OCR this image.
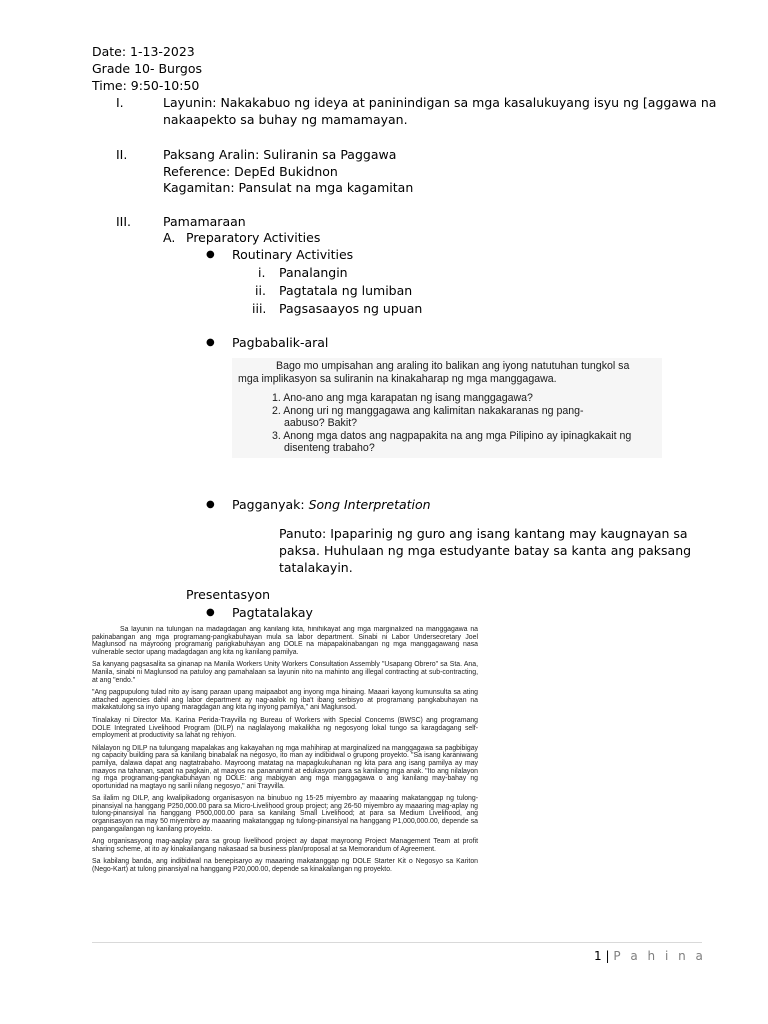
Date: 1-13-2023
Grade 10- Burgos
Time: 9:50-10:50
I.	Layunin: Nakakabuo ng ideya at paninindigan sa mga kasalukuyang isyu ng [aggawa na
nakaapekto sa buhay ng mamamayan.
II.	Paksang Aralin: Suliranin sa Paggawa
Reference: DepEd Bukidnon
Kagamitan: Pansulat na mga kagamitan
III.	Pamamaraan
A. Preparatory Activities
● Routinary Activities
i. Panalangin
ii. Pagtatala ng lumiban
iii. Pagsasaayos ng upuan
● Pagbabalik-aral
Bago mo umpisahan ang araling ito balikan ang iyong natutuhan tungkol sa
mga implikasyon sa suliranin na kinakaharap ng mga manggagawa.
1. Ano-ano ang mga karapatan ng isang manggagawa?
2. Anong uri ng manggagawa ang kalimitan nakakaranas ng pang-
aabuso? Bakit?
3. Anong mga datos ang nagpapakita na ang mga Pilipino ay ipinagkakait ng
disenteng trabaho?
● Pagganyak: Song Interpretation
Panuto: Ipaparinig ng guro ang isang kantang may kaugnayan sa
paksa. Huhulaan ng mga estudyante batay sa kanta ang paksang
tatalakayin.
Presentasyon
● Pagtatalakay

Sa layunin na tulungan na madagdagan ang kanilang kita, hinihikayat ang mga marginalized na manggagawa na pakinabangan ang mga programang-pangkabuhayan mula sa labor department. Sinabi ni Labor Undersecretary Joel Maglunsod na mayroong programang pangkabuhayan ang DOLE na mapapakinabangan ng mga manggagawang nasa vulnerable sector upang madagdagan ang kita ng kanilang pamilya.

Sa kanyang pagsasalita sa ginanap na Manila Workers Unity Workers Consultation Assembly "Usapang Obrero" sa Sta. Ana, Manila, sinabi ni Maglunsod na patuloy ang pamahalaan sa layunin nito na mahinto ang illegal contracting at sub-contracting, at ang "endo."

"Ang pagpupulong tulad nito ay isang paraan upang maipaabot ang inyong mga hinaing. Maaari kayong kumunsulta sa ating attached agencies dahil ang labor department ay nag-aalok ng iba't ibang serbisyo at programang pangkabuhayan na makakatulong sa inyo upang maragdagan ang kita ng inyong pamilya," ani Maglunsod.

Tinalakay ni Director Ma. Karina Perida-Trayvilla ng Bureau of Workers with Special Concerns (BWSC) ang programang DOLE Integrated Livelihood Program (DILP) na naglalayong makalikha ng negosyong lokal tungo sa karagdagang self-employment at productivity sa lahat ng rehiyon.

Nilalayon ng DILP na tulungang mapalakas ang kakayahan ng mga mahihirap at marginalized na manggagawa sa pagbibigay ng capacity building para sa kanilang binabalak na negosyo, ito man ay indibidwal o grupong proyekto. "Sa isang karaniwang pamilya, dalawa dapat ang nagtatrabaho. Mayroong matatag na mapagkukuhanan ng kita para ang isang pamilya ay may maayos na tahanan, sapat na pagkain, at maayos na panananmit at edukasyon para sa kanilang mga anak. "Ito ang nilalayon ng mga programang-pangkabuhayan ng DOLE: ang mabigyan ang mga manggagawa o ang kanilang may-bahay ng oportunidad na magtayo ng sarili nilang negosyo," ani Trayvilla.

Sa ilalim ng DILP, ang kwalipikadong organisasyon na binubuo ng 15-25 miyembro ay maaaring makatanggap ng tulong-pinansiyal na hanggang P250,000.00 para sa Micro-Livelihood group project; ang 26-50 miyembro ay maaaring mag-aplay ng tulong-pinansiyal na hanggang P500,000.00 para sa kanilang Small Livelihood; at para sa Medium Livelihood, ang organisasyon na may 50 miyembro ay maaaring makatanggap ng tulong-pinansiyal na hanggang P1,000,000.00, depende sa pangangailangan ng kanilang proyekto.

Ang organisasyong mag-aaplay para sa group livelihood project ay dapat mayroong Project Management Team at profit sharing scheme, at ito ay kinakailangang nakasaad sa business plan/proposal at sa Memorandum of Agreement.

Sa kabilang banda, ang indibidwal na benepisaryo ay maaaring makatanggap ng DOLE Starter Kit o Negosyo sa Kariton (Nego-Kart) at tulong pinansiyal na hanggang P20,000.00, depende sa kinakailangan ng proyekto.

1 | P a h i n a
